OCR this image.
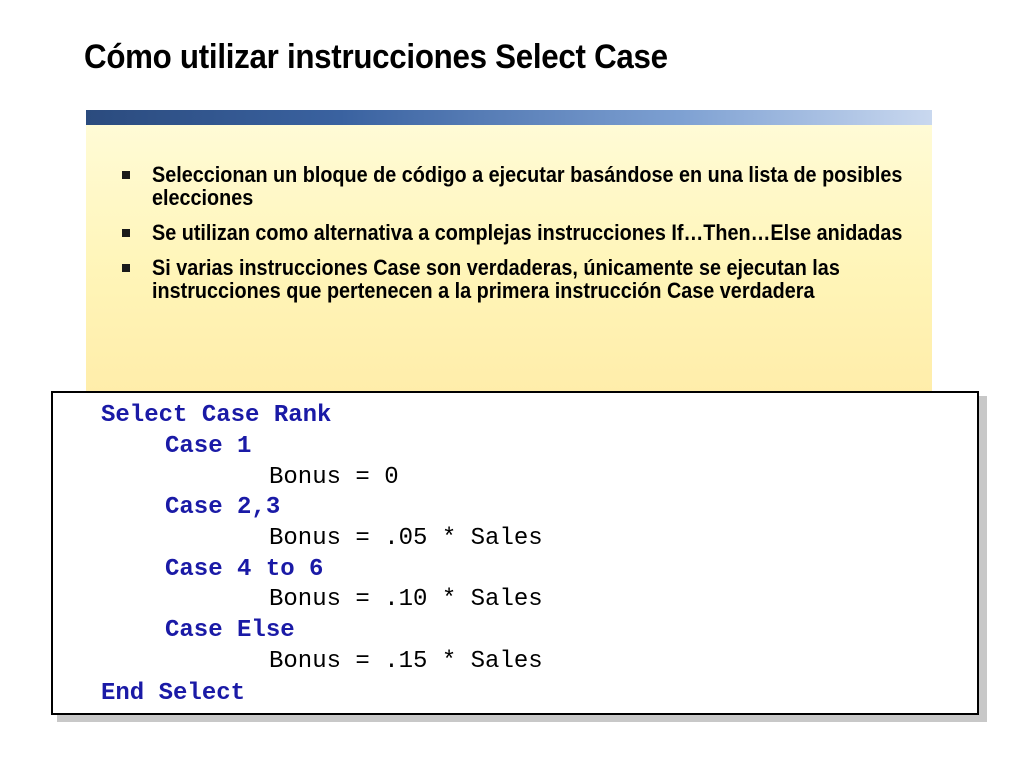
Cómo utilizar instrucciones Select Case
Seleccionan un bloque de código a ejecutar basándose en una lista de posibles elecciones
Se utilizan como alternativa a complejas instrucciones If…Then…Else anidadas
Si varias instrucciones Case son verdaderas, únicamente se ejecutan las instrucciones que pertenecen a la primera instrucción Case verdadera
Select Case Rank
Case 1
Bonus = 0
Case 2,3
Bonus = .05 * Sales
Case 4 to 6
Bonus = .10 * Sales
Case Else
Bonus = .15 * Sales
End Select
